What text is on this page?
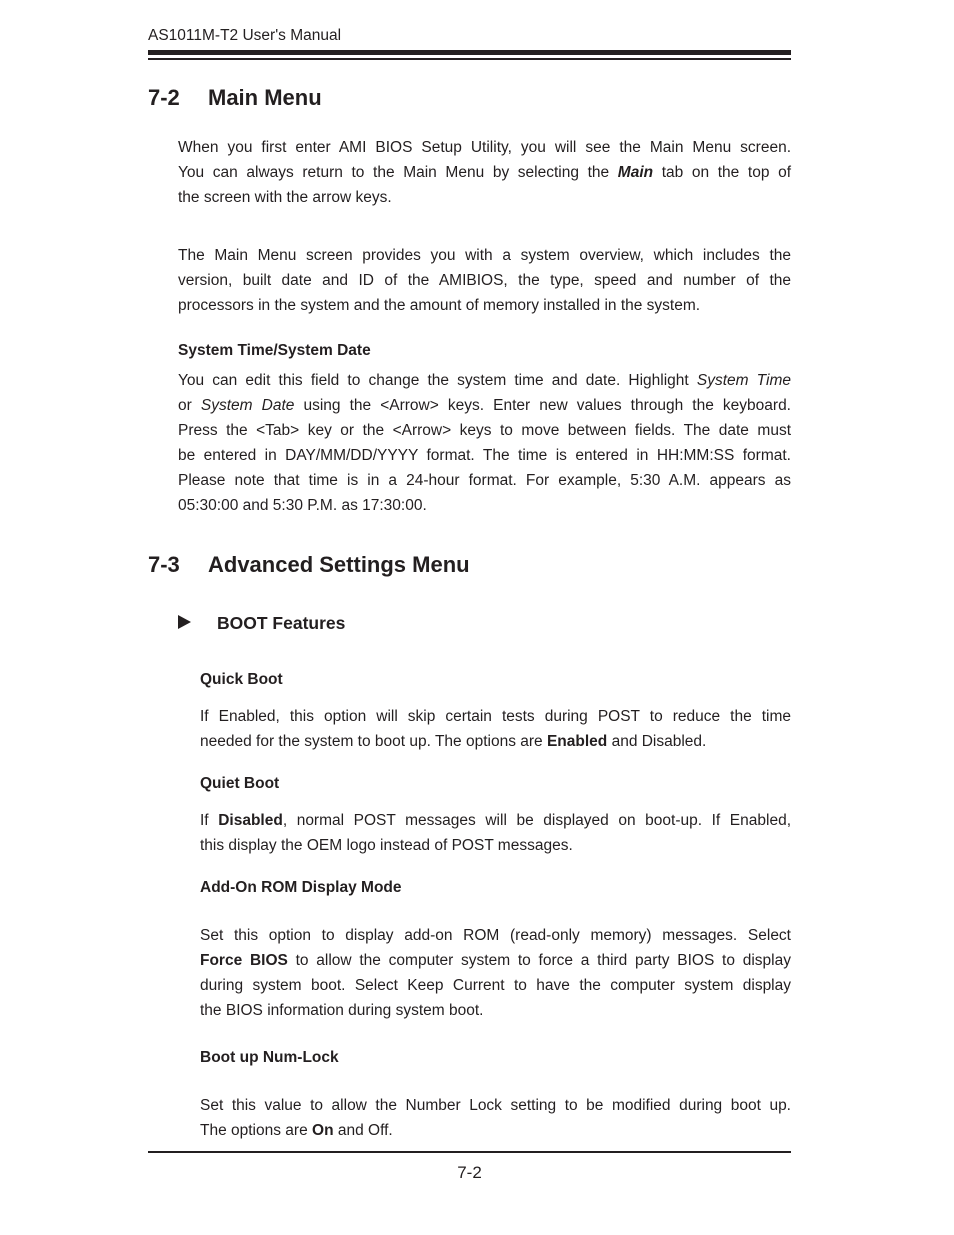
AS1011M-T2 User's Manual
7-2 Main Menu
When you first enter AMI BIOS Setup Utility, you will see the Main Menu screen.
You can always return to the Main Menu by selecting the Main tab on the top of
the screen with the arrow keys.
The Main Menu screen provides you with a system overview, which includes the
version, built date and ID of the AMIBIOS, the type, speed and number of the
processors in the system and the amount of memory installed in the system.
System Time/System Date
You can edit this field to change the system time and date. Highlight System Time
or System Date using the <Arrow> keys. Enter new values through the keyboard.
Press the <Tab> key or the <Arrow> keys to move between fields. The date must
be entered in DAY/MM/DD/YYYY format. The time is entered in HH:MM:SS format.
Please note that time is in a 24-hour format. For example, 5:30 A.M. appears as
05:30:00 and 5:30 P.M. as 17:30:00.
7-3 Advanced Settings Menu
BOOT Features
Quick Boot
If Enabled, this option will skip certain tests during POST to reduce the time
needed for the system to boot up. The options are Enabled and Disabled.
Quiet Boot
If Disabled, normal POST messages will be displayed on boot-up. If Enabled,
this display the OEM logo instead of POST messages.
Add-On ROM Display Mode
Set this option to display add-on ROM (read-only memory) messages. Select
Force BIOS to allow the computer system to force a third party BIOS to display
during system boot. Select Keep Current to have the computer system display
the BIOS information during system boot.
Boot up Num-Lock
Set this value to allow the Number Lock setting to be modified during boot up.
The options are On and Off.
7-2
